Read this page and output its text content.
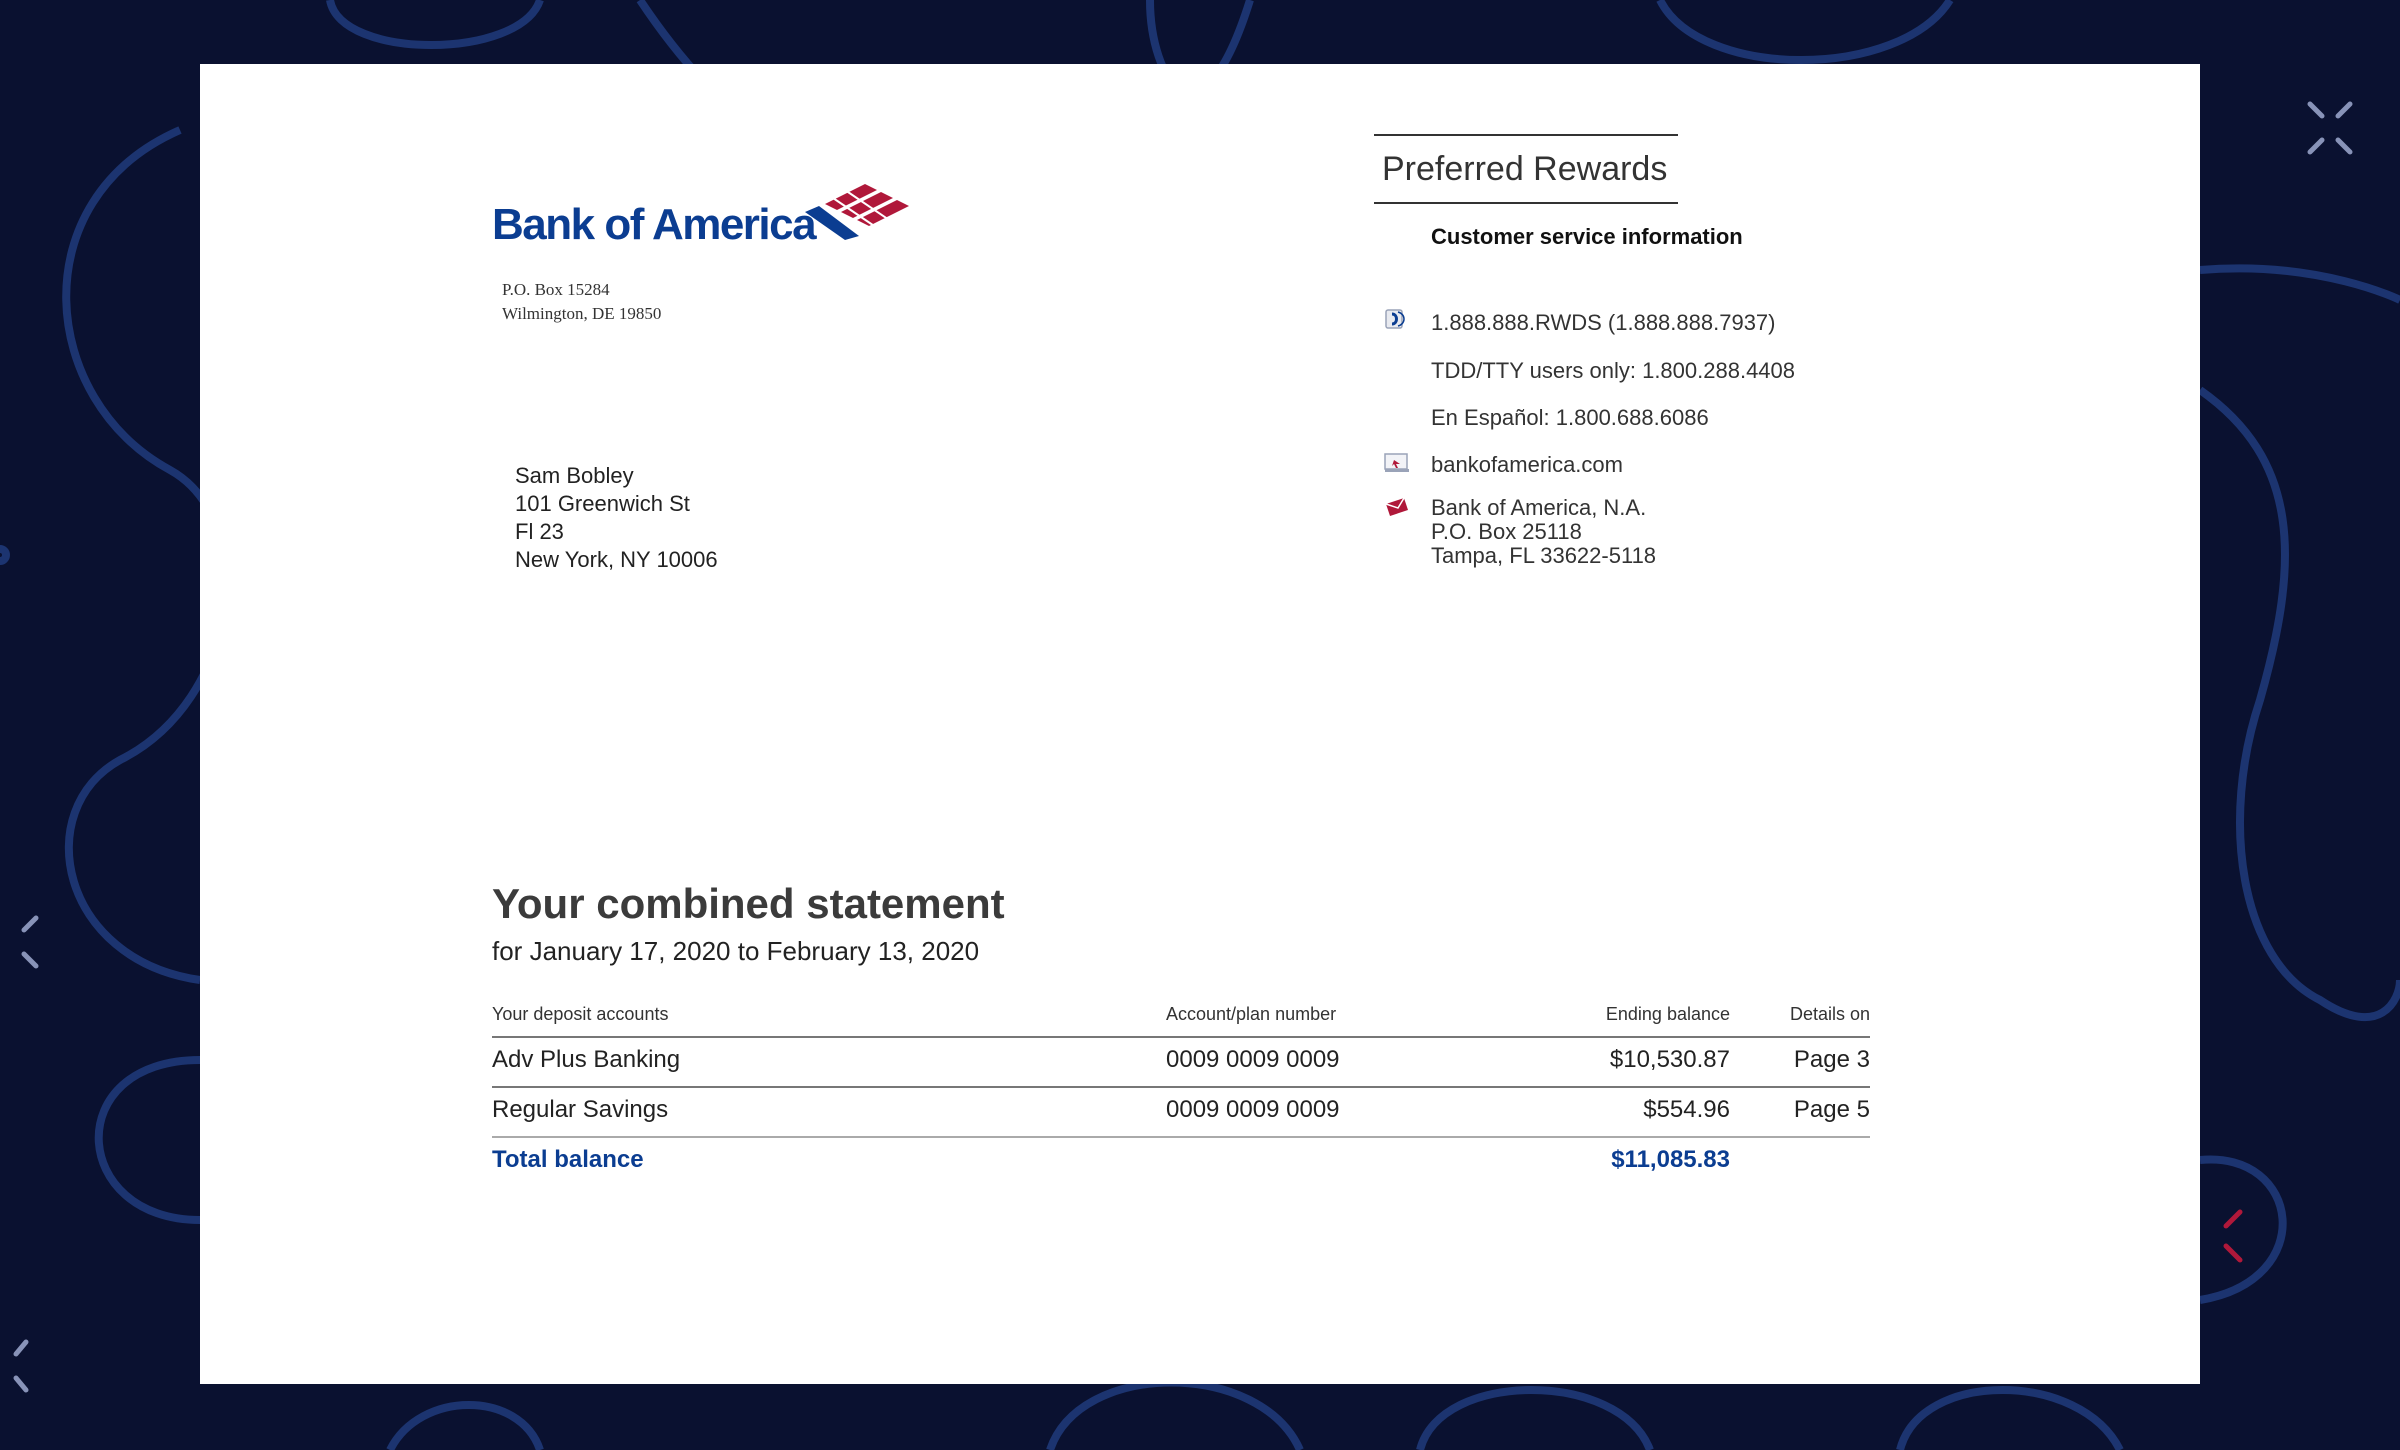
Bank of America
P.O. Box 15284
Wilmington, DE 19850
Sam Bobley
101 Greenwich St
Fl 23
New York, NY 10006
Preferred Rewards
Customer service information
1.888.888.RWDS (1.888.888.7937)
TDD/TTY users only: 1.800.288.4408
En Español: 1.800.688.6086
bankofamerica.com
Bank of America, N.A.
P.O. Box 25118
Tampa, FL 33622-5118
Your combined statement
for January 17, 2020 to February 13, 2020
Your deposit accounts	Account/plan number	Ending balance	Details on
Adv Plus Banking	0009 0009 0009	$10,530.87	Page 3
Regular Savings	0009 0009 0009	$554.96	Page 5
Total balance	$11,085.83
